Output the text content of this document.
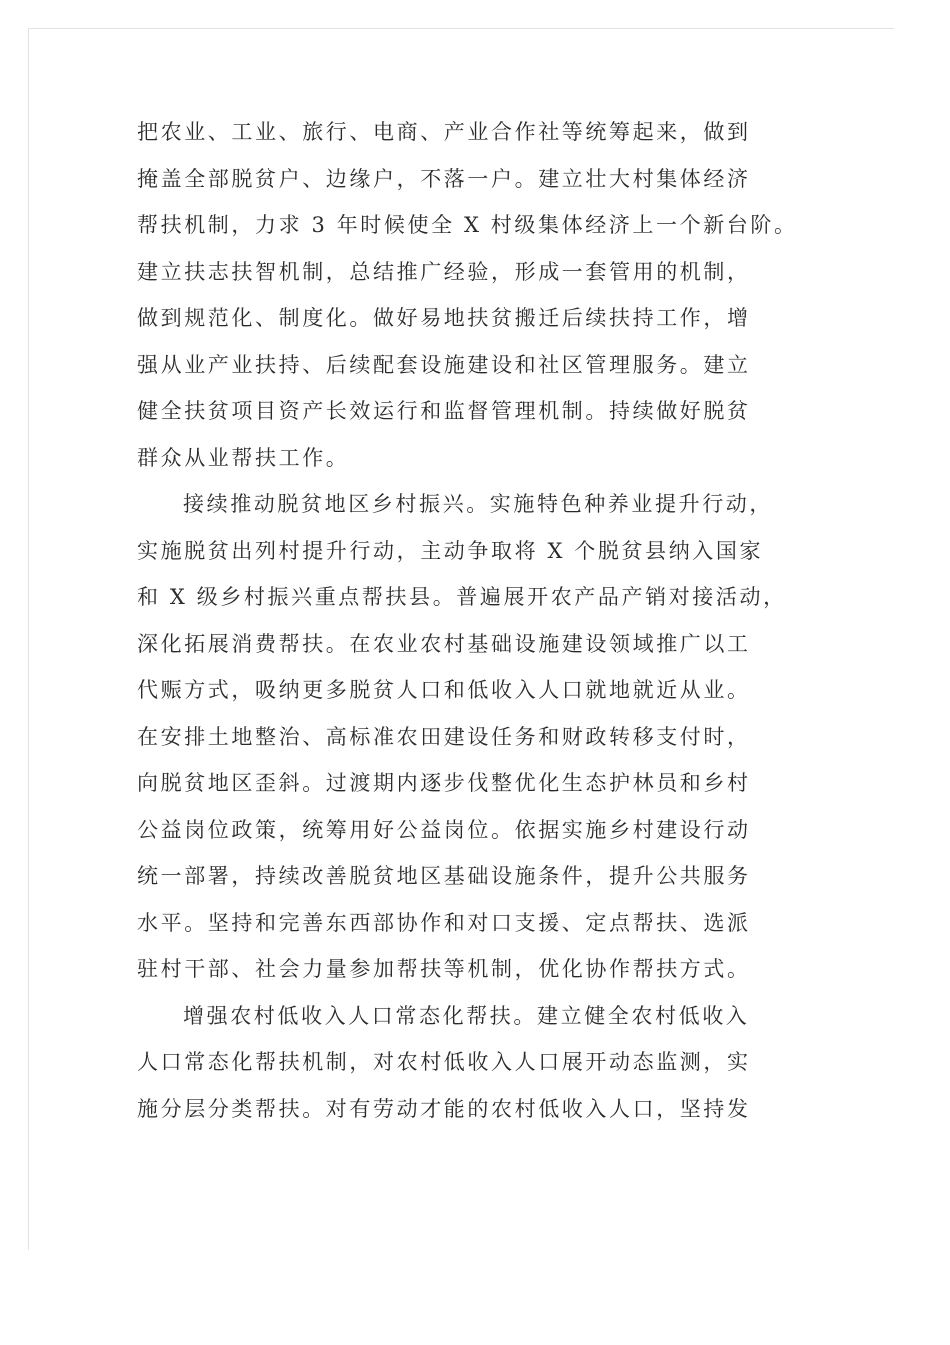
把农业、工业、旅行、电商、产业合作社等统筹起来，做到
掩盖全部脱贫户、边缘户，不落一户。建立壮大村集体经济
帮扶机制，力求 3 年时候使全 X 村级集体经济上一个新台阶。
建立扶志扶智机制，总结推广经验，形成一套管用的机制，
做到规范化、制度化。做好易地扶贫搬迁后续扶持工作，增
强从业产业扶持、后续配套设施建设和社区管理服务。建立
健全扶贫项目资产长效运行和监督管理机制。持续做好脱贫
群众从业帮扶工作。

接续推动脱贫地区乡村振兴。实施特色种养业提升行动，
实施脱贫出列村提升行动，主动争取将 X 个脱贫县纳入国家
和 X 级乡村振兴重点帮扶县。普遍展开农产品产销对接活动，
深化拓展消费帮扶。在农业农村基础设施建设领域推广以工
代赈方式，吸纳更多脱贫人口和低收入人口就地就近从业。
在安排土地整治、高标准农田建设任务和财政转移支付时，
向脱贫地区歪斜。过渡期内逐步伐整优化生态护林员和乡村
公益岗位政策，统筹用好公益岗位。依据实施乡村建设行动
统一部署，持续改善脱贫地区基础设施条件，提升公共服务
水平。坚持和完善东西部协作和对口支援、定点帮扶、选派
驻村干部、社会力量参加帮扶等机制，优化协作帮扶方式。

增强农村低收入人口常态化帮扶。建立健全农村低收入
人口常态化帮扶机制，对农村低收入人口展开动态监测，实
施分层分类帮扶。对有劳动才能的农村低收入人口，坚持发
